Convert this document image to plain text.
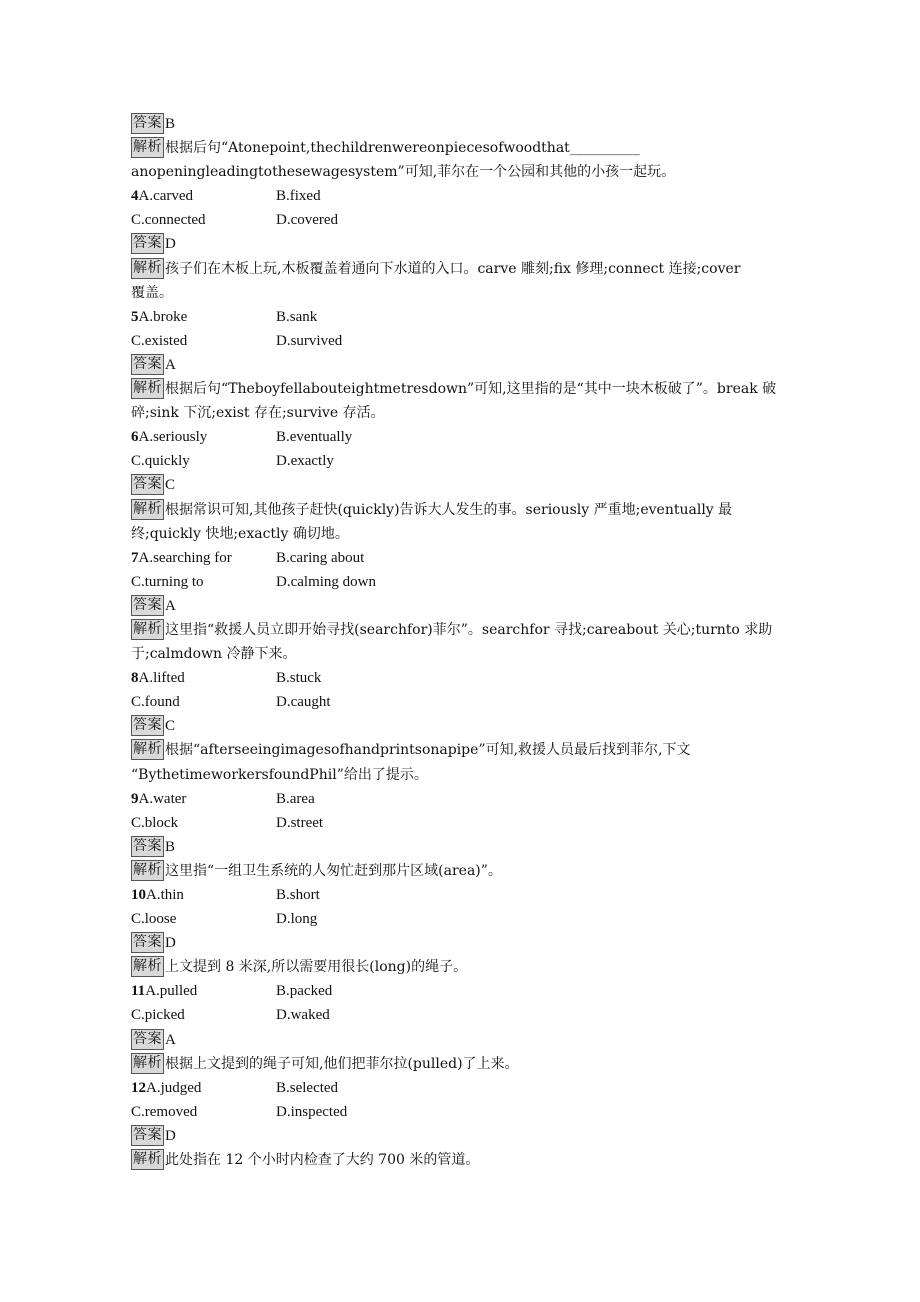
答案 B
解析 根据后句“Atonepoint,thechildrenwereonpiecesofwoodthat__________
anopeningleadingtothesewagesystem”可知,菲尔在一个公园和其他的小孩一起玩。
4A.carved	B.fixed
C.connected	D.covered
答案 D
解析 孩子们在木板上玩,木板覆盖着通向下水道的入口。carve 雕刻;fix 修理;connect 连接;cover
覆盖。
5A.broke	B.sank
C.existed	D.survived
答案 A
解析 根据后句“Theboyfellabouteightmetresdown”可知,这里指的是“其中一块木板破了”。break 破
碎;sink 下沉;exist 存在;survive 存活。
6A.seriously	B.eventually
C.quickly	D.exactly
答案 C
解析 根据常识可知,其他孩子赶快(quickly)告诉大人发生的事。seriously 严重地;eventually 最
终;quickly 快地;exactly 确切地。
7A.searching for	B.caring about
C.turning to	D.calming down
答案 A
解析 这里指“救援人员立即开始寻找(searchfor)菲尔”。searchfor 寻找;careabout 关心;turnto 求助
于;calmdown 冷静下来。
8A.lifted	B.stuck
C.found	D.caught
答案 C
解析 根据“afterseeingimagesofhandprintsonapipe”可知,救援人员最后找到菲尔,下文
“BythetimeworkersfoundPhil”给出了提示。
9A.water	B.area
C.block	D.street
答案 B
解析 这里指“一组卫生系统的人匆忙赶到那片区域(area)”。
10A.thin	B.short
C.loose	D.long
答案 D
解析 上文提到 8 米深,所以需要用很长(long)的绳子。
11A.pulled	B.packed
C.picked	D.waked
答案 A
解析 根据上文提到的绳子可知,他们把菲尔拉(pulled)了上来。
12A.judged	B.selected
C.removed	D.inspected
答案 D
解析 此处指在 12 个小时内检查了大约 700 米的管道。
